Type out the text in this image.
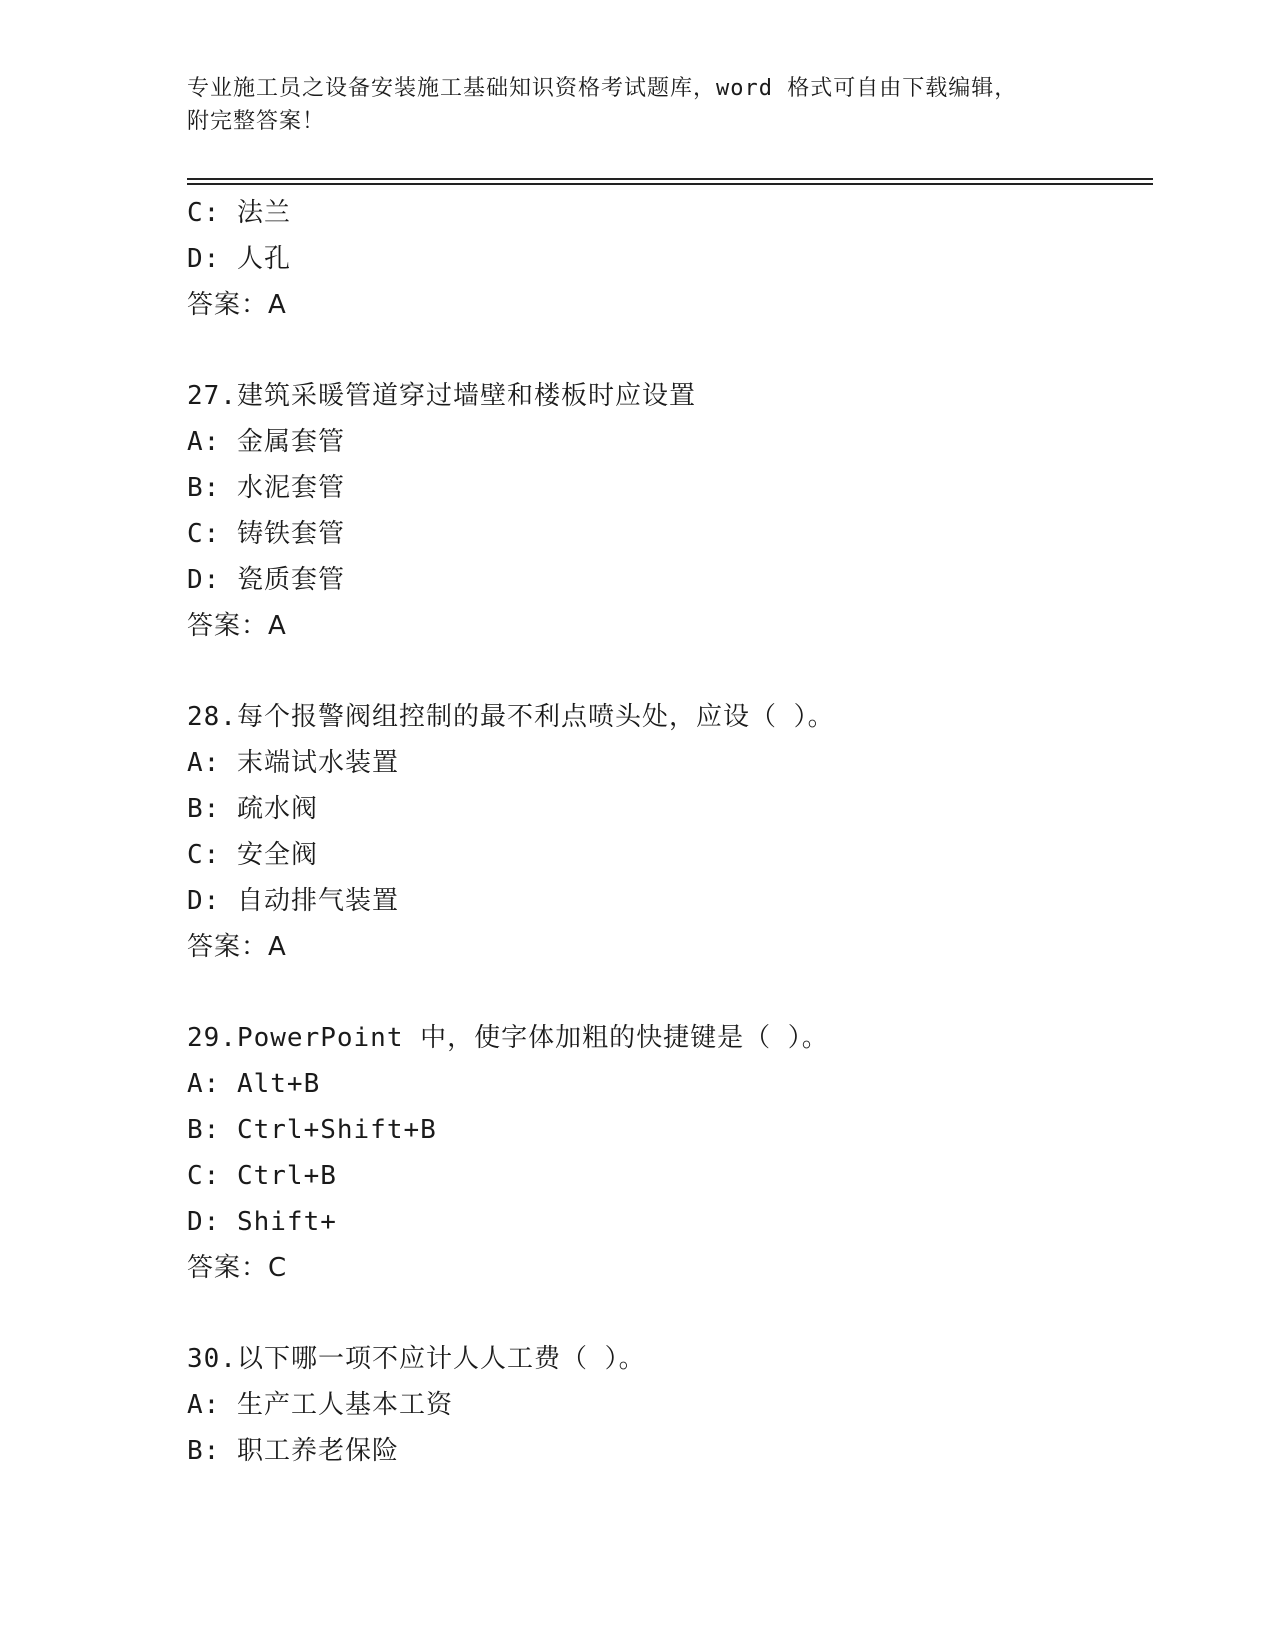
专业施工员之设备安装施工基础知识资格考试题库，word 格式可自由下载编辑，
附完整答案！
C: 法兰
D: 人孔
答案：A
27.建筑采暖管道穿过墙壁和楼板时应设置
A: 金属套管
B: 水泥套管
C: 铸铁套管
D: 瓷质套管
答案：A
28.每个报警阀组控制的最不利点喷头处，应设（ ）。
A: 末端试水装置
B: 疏水阀
C: 安全阀
D: 自动排气装置
答案：A
29.PowerPoint 中，使字体加粗的快捷键是（ ）。
A: Alt+B
B: Ctrl+Shift+B
C: Ctrl+B
D: Shift+
答案：C
30.以下哪一项不应计人人工费（ ）。
A: 生产工人基本工资
B: 职工养老保险
